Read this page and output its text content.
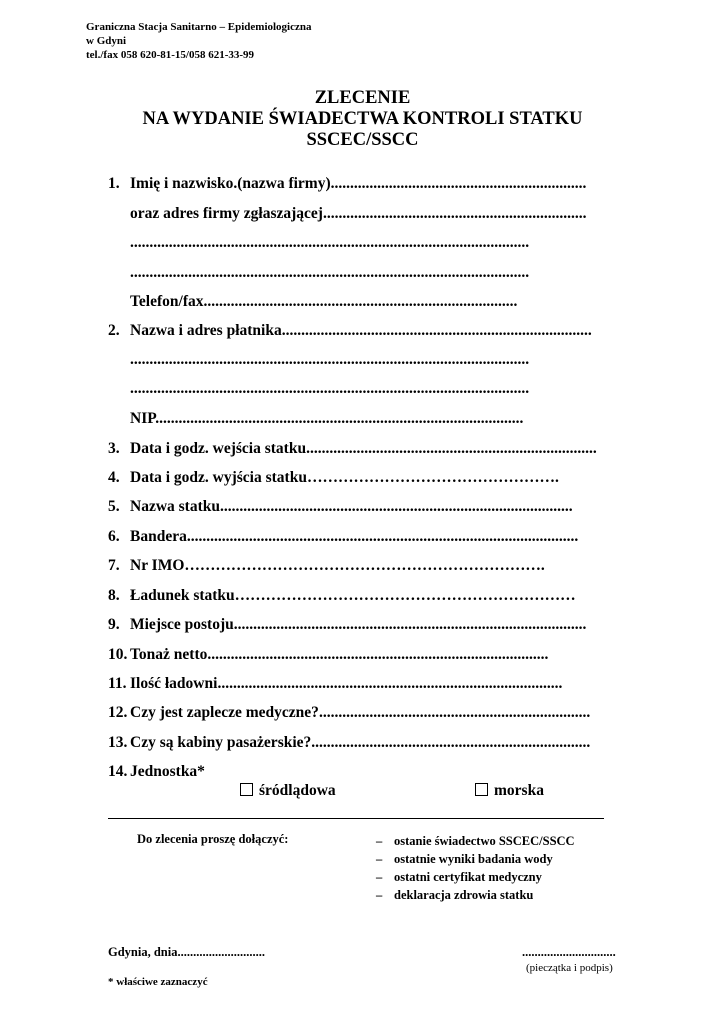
Graniczna Stacja Sanitarno – Epidemiologiczna
w Gdyni
tel./fax 058 620-81-15/058 621-33-99
ZLECENIE
NA WYDANIE ŚWIADECTWA KONTROLI STATKU
SSCEC/SSCC
1. Imię i nazwisko.(nazwa firmy)..................................................................
oraz adres firmy zgłaszającej....................................................................
.......................................................................................................
.......................................................................................................
Telefon/fax.................................................................................
2. Nazwa i adres płatnika................................................................................
.......................................................................................................
.......................................................................................................
NIP...............................................................................................
3. Data i godz. wejścia statku...........................................................................
4. Data i godz. wyjścia statku………………………………………….
5. Nazwa statku...........................................................................................
6. Bandera.....................................................................................................
7. Nr IMO…………………………………………………………….
8. Ładunek statku…………………………………………………………
9. Miejsce postoju...........................................................................................
10. Tonaż netto........................................................................................
11. Ilość ładowni.........................................................................................
12. Czy jest zaplecze medyczne?......................................................................
13. Czy są kabiny pasażerskie?........................................................................
14. Jednostka*
śródlądowa	morska
Do zlecenia proszę dołączyć:	– ostanie świadectwo SSCEC/SSCC
– ostatnie wyniki badania wody
– ostatni certyfikat medyczny
– deklaracja zdrowia statku
Gdynia, dnia............................	..............................
(pieczątka i podpis)
* właściwe zaznaczyć
